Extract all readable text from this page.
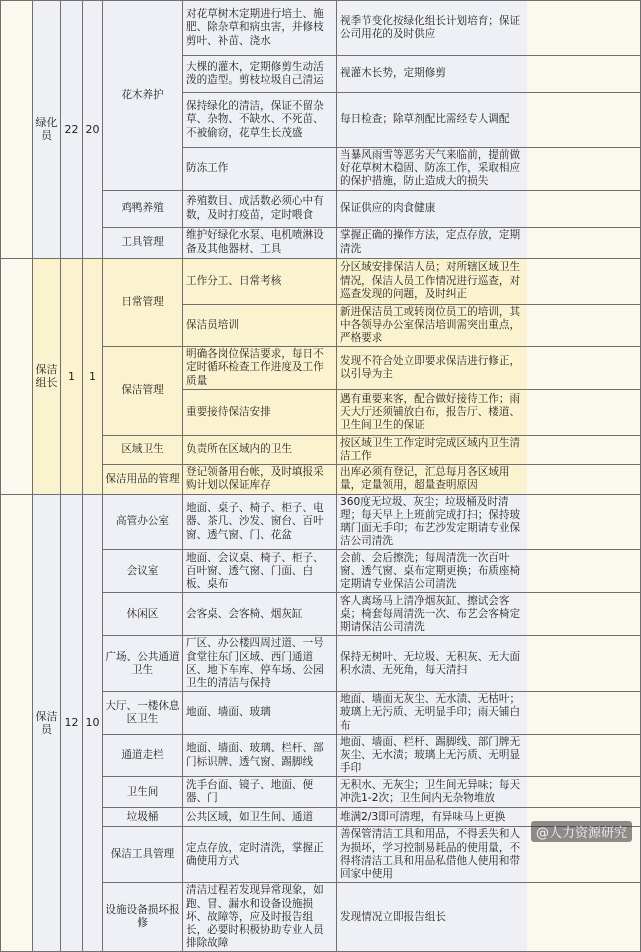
	绿化员	22	20	花木养护	对花草树木定期进行培土、施肥、除杂草和病虫害，并修枝剪叶、补苗、浇水	视季节变化按绿化组长计划培育；保证公司用花的及时供应	
					大棵的灌木，定期修剪生动活泼的造型。剪枝垃圾自己清运	视灌木长势，定期修剪	
					保持绿化的清洁，保证不留杂草、杂物、不缺水、不死苗、不被偷窃，花草生长茂盛	每日检查；除草剂配比需经专人调配	
					防冻工作	当暴风雨雪等恶劣天气来临前，提前做好花草树木稳固、防冻工作，采取相应的保护措施，防止造成大的损失	
				鸡鸭养殖	养殖数目、成活数必须心中有数，及时打疫苗，定时喂食	保证供应的肉食健康	
				工具管理	维护好绿化水泵、电机喷淋设备及其他器材、工具	掌握正确的操作方法，定点存放，定期清洗	
	保洁组长	1	1	日常管理	工作分工、日常考核	分区域安排保洁人员；对所辖区域卫生情况，保洁人员工作情况进行巡查，对巡查发现的问题，及时纠正	
					保洁员培训	新进保洁员工或转岗位员工的培训，其中各领导办公室保洁培训需突出重点，严格要求	
				保洁管理	明确各岗位保洁要求，每日不定时循环检查工作进度及工作质量	发现不符合处立即要求保洁进行修正，以引导为主	
					重要接待保洁安排	遇有重要来客，配合做好接待工作；雨天大厅还须铺放白布，报告厅、楼道、卫生间卫生的保证	
				区域卫生	负责所在区域内的卫生	按区域卫生工作定时完成区域内卫生清洁工作	
				保洁用品的管理	登记领备用台帐，及时填报采购计划以保证库存	出库必须有登记，汇总每月各区域用量，定量领用，超量查明原因	
	保洁员	12	10	高管办公室	地面、桌子、椅子、柜子、电器、茶几、沙发、窗台、百叶窗、透气窗、门、花盆	360度无垃圾、灰尘；垃圾桶及时清理；每天早上上班前完成打扫；保持玻璃门面无手印；布艺沙发定期请专业保洁公司清洗	
				会议室	地面、会议桌、椅子、柜子、百叶窗、透气窗、门面、白板、桌布	会前、会后擦洗；每周清洗一次百叶窗、透气窗、桌布定期更换；布质座椅定期请专业保洁公司清洗	
				休闲区	会客桌、会客椅、烟灰缸	客人离场马上清净烟灰缸、擦试会客桌；椅套每周清洗一次、布艺会客椅定期请保洁公司清洗	
				广场、公共通道卫生	厂区、办公楼四周过道、一号食堂往东门区域、西门通道区、地下车库、停车场、公园卫生的清洁与保持	保持无树叶、无垃圾、无积灰、无大面积水渍、无死角，每天清扫	
				大厅、一楼休息区卫生	地面、墙面、玻璃	地面、墙面无灰尘、无水渍、无枯叶；玻璃上无污质、无明显手印；雨天铺白布	
				通道走栏	地面、墙面、玻璃、栏杆、部门标识牌、透气窗、踢脚线	地面、墙面、栏杆、踢脚线、部门牌无灰尘、无水渍；玻璃上无污质、无明显手印	
				卫生间	洗手台面、镜子、地面、便器、门	无积水、无灰尘；卫生间无异味；每天冲洗1-2次；卫生间内无杂物堆放	
				垃圾桶	公共区域，如卫生间、通道	堆满2/3即可清理，有异味马上更换	
				保洁工具管理	定点存放，定时清洗，掌握正确使用方式	善保管清洁工具和用品，不得丢失和人为损坏，学习控制易耗品的使用量，不得将清洁工具和用品私借他人使用和带回家中使用	
				设施设备损坏报修	清洁过程若发现异常现象，如跑、冒、漏水和设备设施损坏、故障等，应及时报告组长，必要时积极协助专业人员排除故障	发现情况立即报告组长	
@人力资源研究
